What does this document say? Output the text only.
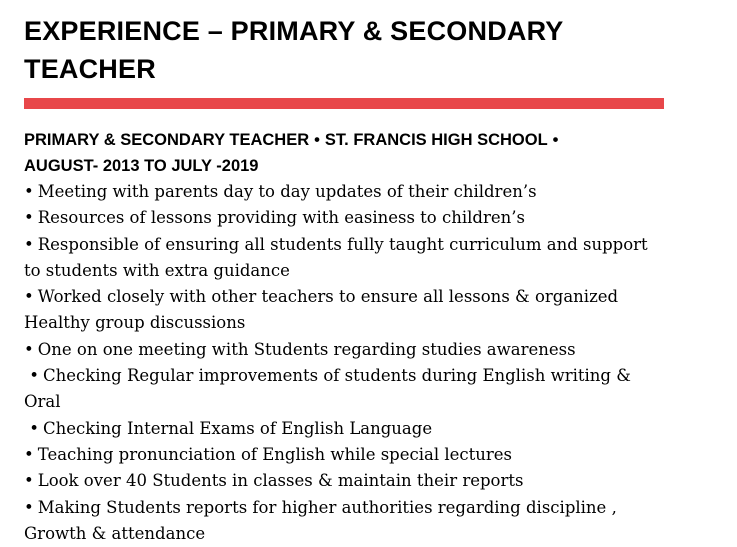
EXPERIENCE – PRIMARY & SECONDARY TEACHER
PRIMARY & SECONDARY TEACHER • ST. FRANCIS HIGH SCHOOL •
AUGUST- 2013 TO JULY -2019
• Meeting with parents day to day updates of their children’s
• Resources of lessons providing with easiness to children’s
• Responsible of ensuring all students fully taught curriculum and support to students with extra guidance
• Worked closely with other teachers to ensure all lessons & organized Healthy group discussions
• One on one meeting with Students regarding studies awareness
• Checking Regular improvements of students during English writing & Oral
• Checking Internal Exams of English Language
• Teaching pronunciation of English while special lectures
• Look over 40 Students in classes & maintain their reports
• Making Students reports for higher authorities regarding discipline , Growth & attendance
